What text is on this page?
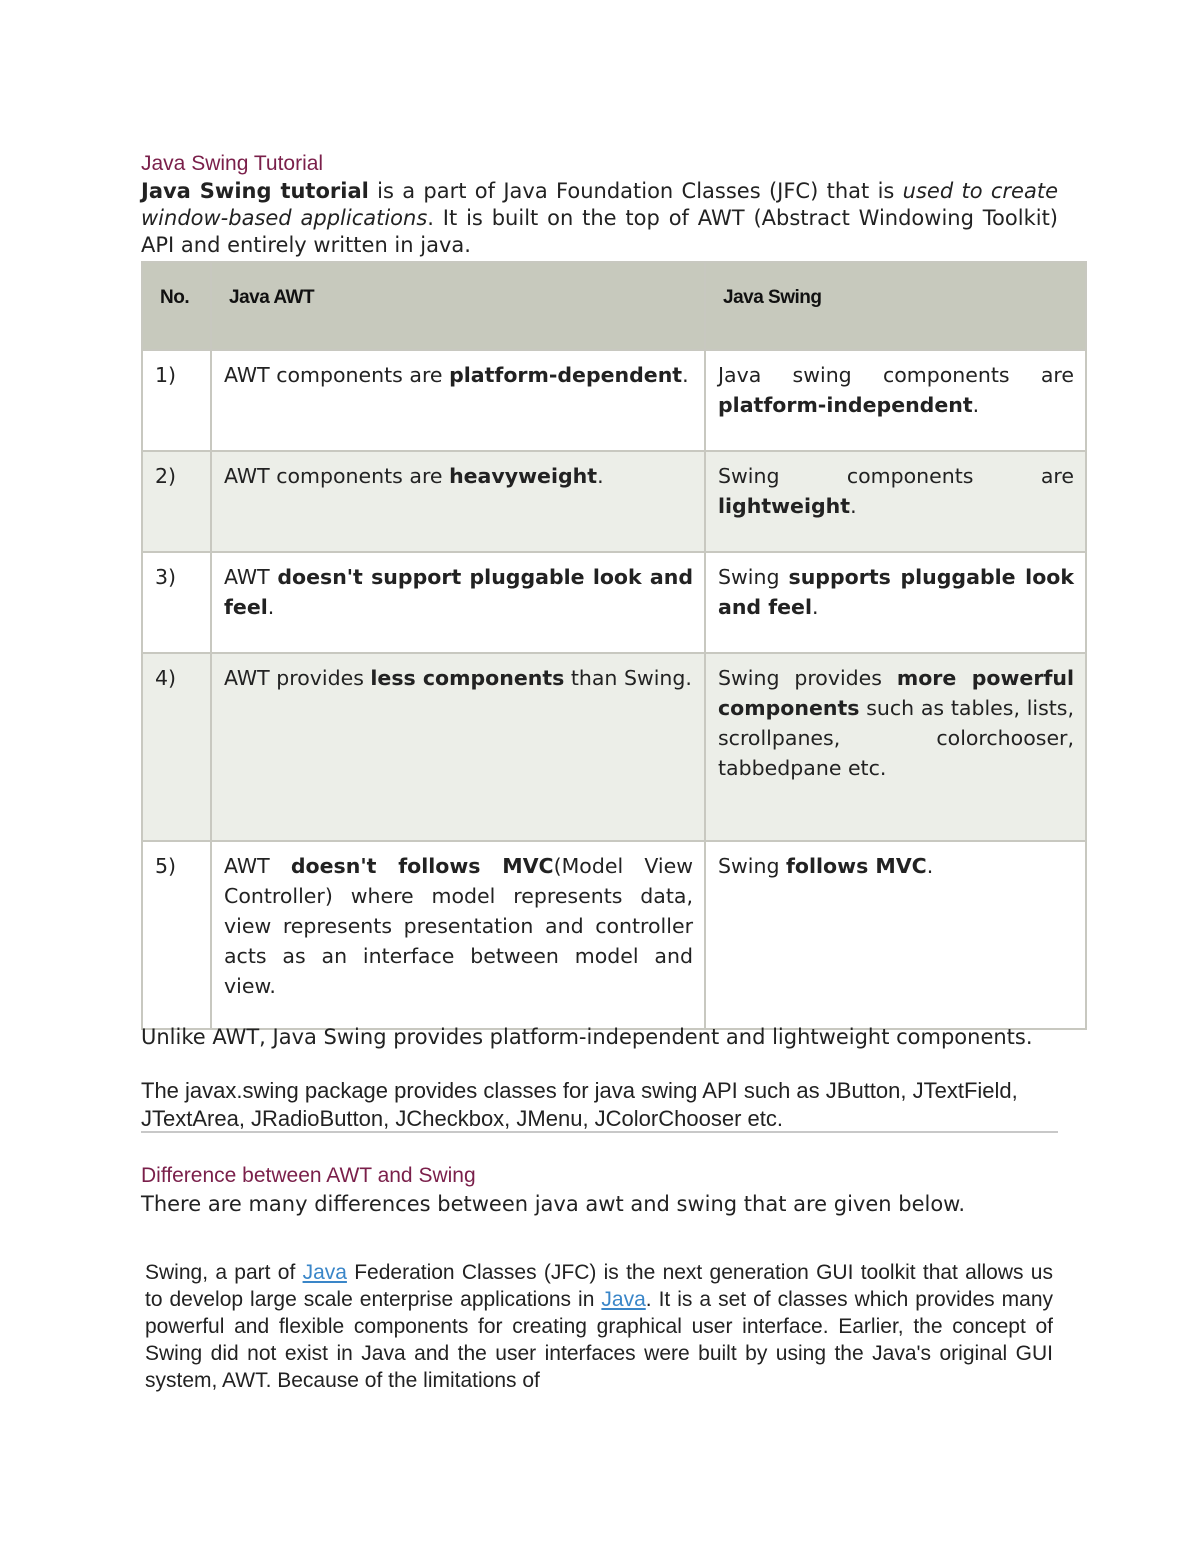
Java Swing Tutorial

Java Swing tutorial is a part of Java Foundation Classes (JFC) that is used to create window-based applications. It is built on the top of AWT (Abstract Windowing Toolkit) API and entirely written in java.

No.	Java AWT	Java Swing
1)	AWT components are platform-dependent.	Java swing components are platform-independent.
2)	AWT components are heavyweight.	Swing components are lightweight.
3)	AWT doesn't support pluggable look and feel.	Swing supports pluggable look and feel.
4)	AWT provides less components than Swing.	Swing provides more powerful components such as tables, lists, scrollpanes, colorchooser, tabbedpane etc.
5)	AWT doesn't follows MVC(Model View Controller) where model represents data, view represents presentation and controller acts as an interface between model and view.	Swing follows MVC.

Unlike AWT, Java Swing provides platform-independent and lightweight components.

The javax.swing package provides classes for java swing API such as JButton, JTextField, JTextArea, JRadioButton, JCheckbox, JMenu, JColorChooser etc.

Difference between AWT and Swing

There are many differences between java awt and swing that are given below.

Swing, a part of Java Federation Classes (JFC) is the next generation GUI toolkit that allows us to develop large scale enterprise applications in Java. It is a set of classes which provides many powerful and flexible components for creating graphical user interface. Earlier, the concept of Swing did not exist in Java and the user interfaces were built by using the Java's original GUI system, AWT. Because of the limitations of
